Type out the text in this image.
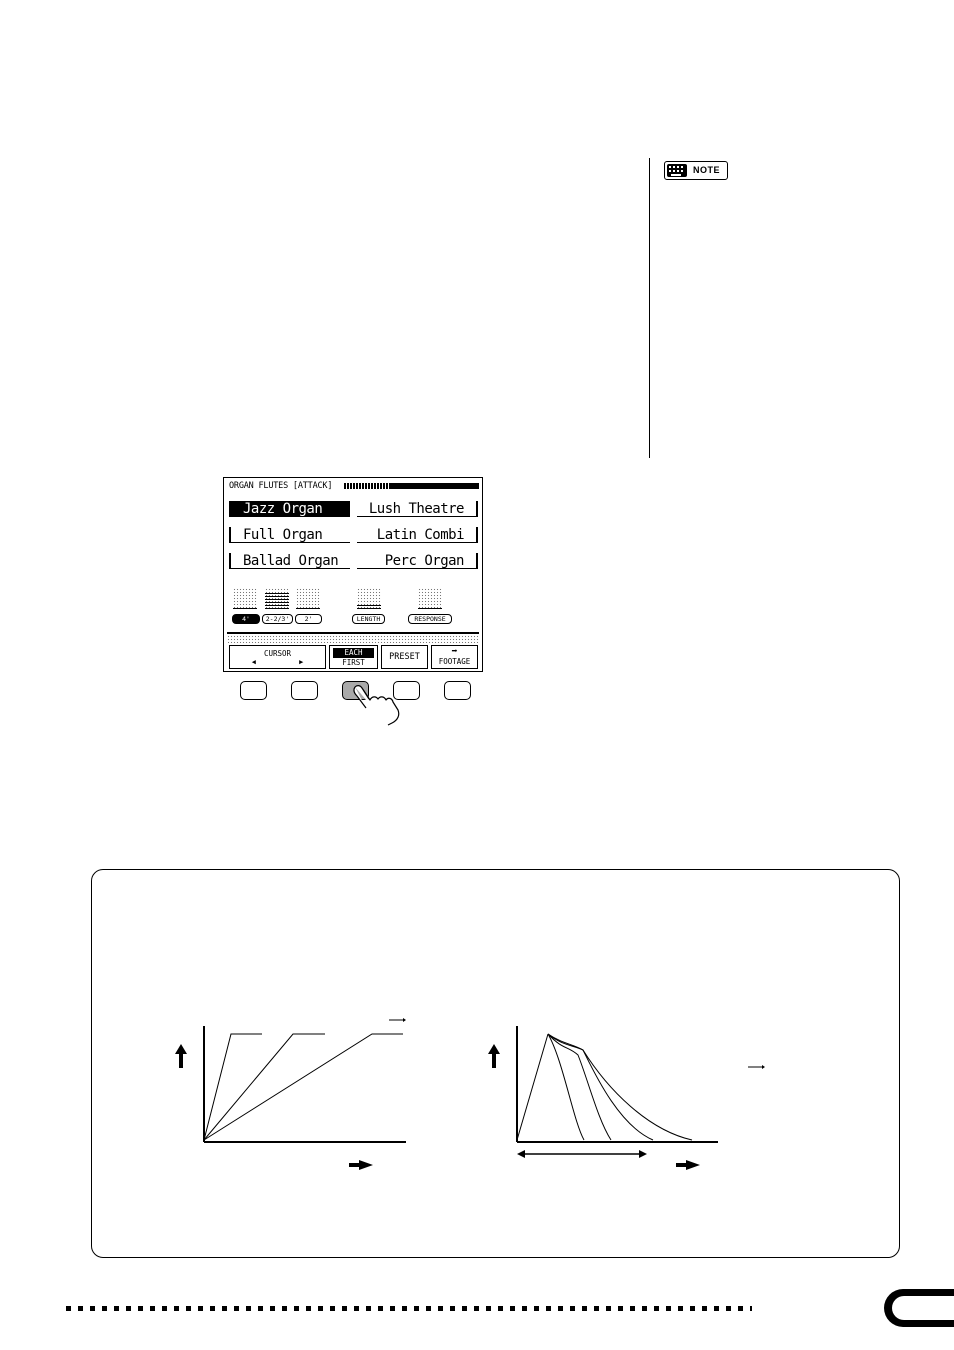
NOTE
ORGAN FLUTES [ATTACK]
Jazz Organ	Lush Theatre
Full Organ	Latin Combi
Ballad Organ	Perc Organ
4'	2-2/3'	2'	LENGTH	RESPONSE
CURSOR
◀	▶
EACH
FIRST
PRESET	➡
FOOTAGE
